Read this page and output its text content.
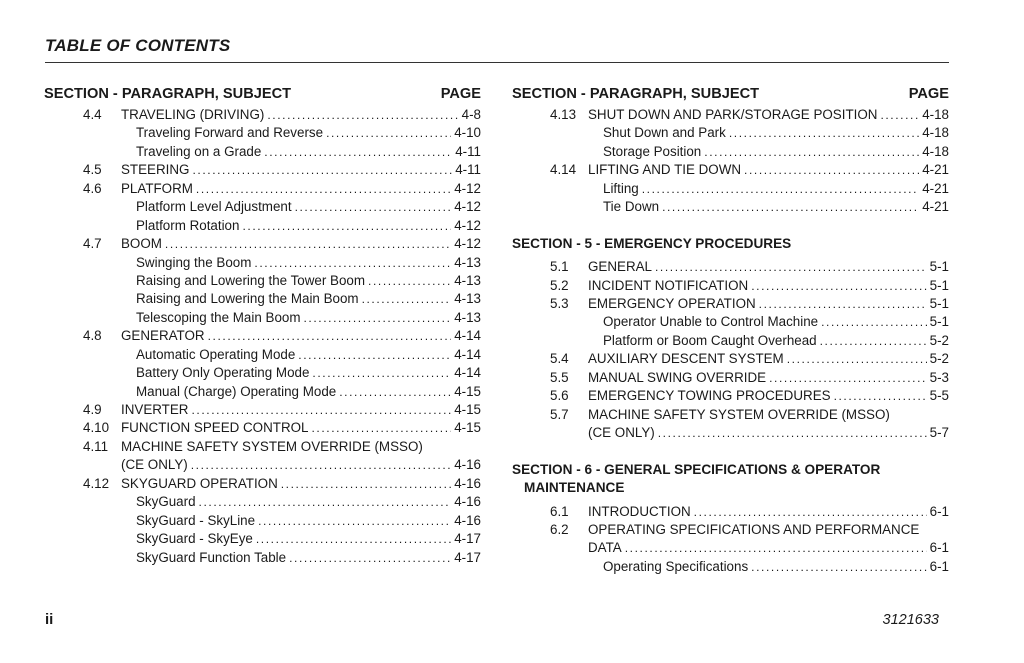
TABLE OF CONTENTS
SECTION - PARAGRAPH, SUBJECT	PAGE
4.4	TRAVELING (DRIVING) .....	4-8
Traveling Forward and Reverse .....	4-10
Traveling on a Grade .....	4-11
4.5	STEERING .....	4-11
4.6	PLATFORM .....	4-12
Platform Level Adjustment .....	4-12
Platform Rotation .....	4-12
4.7	BOOM .....	4-12
Swinging the Boom .....	4-13
Raising and Lowering the Tower Boom .....	4-13
Raising and Lowering the Main Boom .....	4-13
Telescoping the Main Boom .....	4-13
4.8	GENERATOR .....	4-14
Automatic Operating Mode .....	4-14
Battery Only Operating Mode .....	4-14
Manual (Charge) Operating Mode .....	4-15
4.9	INVERTER .....	4-15
4.10 FUNCTION SPEED CONTROL .....	4-15
4.11 MACHINE SAFETY SYSTEM OVERRIDE (MSSO)
(CE ONLY) .....	4-16
4.12 SKYGUARD OPERATION .....	4-16
SkyGuard .....	4-16
SkyGuard - SkyLine .....	4-16
SkyGuard - SkyEye .....	4-17
SkyGuard Function Table .....	4-17
SECTION - PARAGRAPH, SUBJECT	PAGE
4.13 SHUT DOWN AND PARK/STORAGE POSITION .....	4-18
Shut Down and Park .....	4-18
Storage Position .....	4-18
4.14 LIFTING AND TIE DOWN .....	4-21
Lifting .....	4-21
Tie Down .....	4-21
SECTION - 5 - EMERGENCY PROCEDURES
5.1	GENERAL .....	5-1
5.2	INCIDENT NOTIFICATION .....	5-1
5.3	EMERGENCY OPERATION .....	5-1
Operator Unable to Control Machine .....	5-1
Platform or Boom Caught Overhead .....	5-2
5.4	AUXILIARY DESCENT SYSTEM .....	5-2
5.5	MANUAL SWING OVERRIDE .....	5-3
5.6	EMERGENCY TOWING PROCEDURES .....	5-5
5.7	MACHINE SAFETY SYSTEM OVERRIDE (MSSO)
(CE ONLY) .....	5-7
SECTION - 6 - GENERAL SPECIFICATIONS & OPERATOR
MAINTENANCE
6.1	INTRODUCTION .....	6-1
6.2	OPERATING SPECIFICATIONS AND PERFORMANCE
DATA .....	6-1
Operating Specifications .....	6-1
ii	3121633
